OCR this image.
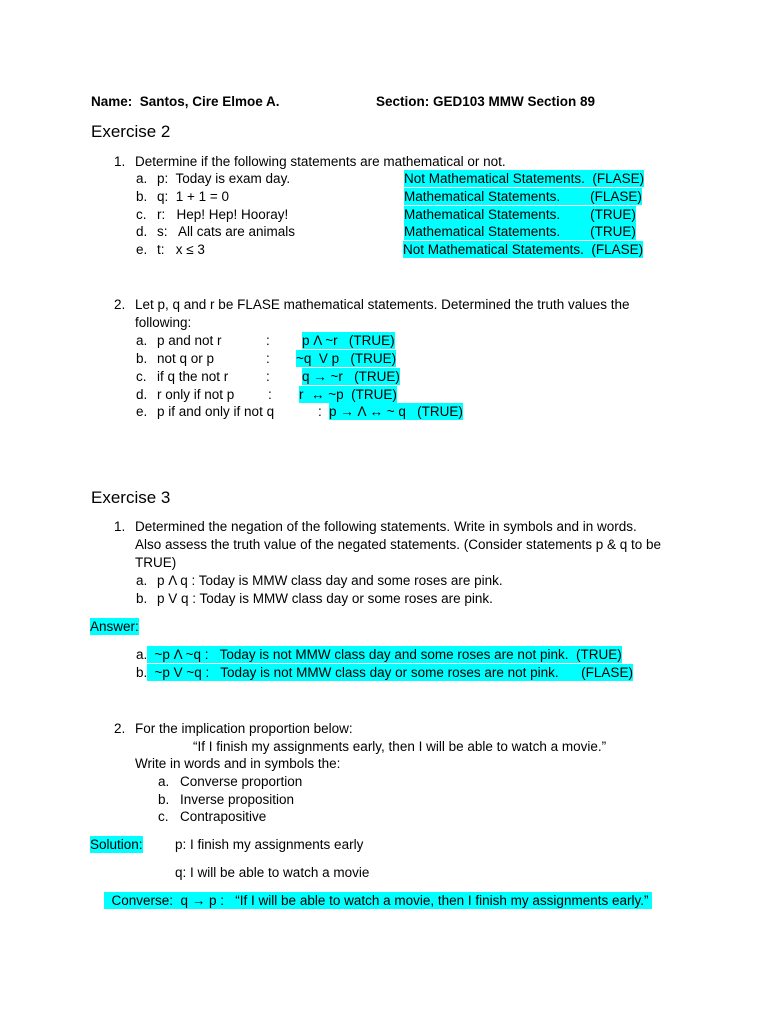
Name:  Santos, Cire Elmoe A.	Section: GED103 MMW Section 89
Exercise 2
1. Determine if the following statements are mathematical or not.
a. p:  Today is exam day.	Not Mathematical Statements.  (FLASE)
b. q:  1 + 1 = 0	Mathematical Statements.        (FLASE)
c. r:   Hep! Hep! Hooray!	Mathematical Statements.        (TRUE)
d. s:   All cats are animals	Mathematical Statements.        (TRUE)
e. t:   x ≤ 3	Not Mathematical Statements.  (FLASE)
2. Let p, q and r be FLASE mathematical statements. Determined the truth values the
following:
a. p and not r	: p Λ ~r   (TRUE)
b. not q or p	: ~q  V p   (TRUE)
c. if q the not r	: q → ~r   (TRUE)
d. r only if not p : r  ↔ ~p  (TRUE)
e. p if and only if not q	: p → Λ ↔ ~ q   (TRUE)
Exercise 3
1. Determined the negation of the following statements. Write in symbols and in words.
Also assess the truth value of the negated statements. (Consider statements p & q to be
TRUE)
a. p Λ q : Today is MMW class day and some roses are pink.
b. p V q : Today is MMW class day or some roses are pink.
Answer:
a. ~p Λ ~q :   Today is not MMW class day and some roses are not pink.  (TRUE)
b. ~p V ~q :   Today is not MMW class day or some roses are not pink.      (FLASE)
2. For the implication proportion below:
“If I finish my assignments early, then I will be able to watch a movie.”
Write in words and in symbols the:
a. Converse proportion
b. Inverse proposition
c. Contrapositive
Solution: p: I finish my assignments early
q: I will be able to watch a movie
Converse:  q → p :   “If I will be able to watch a movie, then I finish my assignments early.”
